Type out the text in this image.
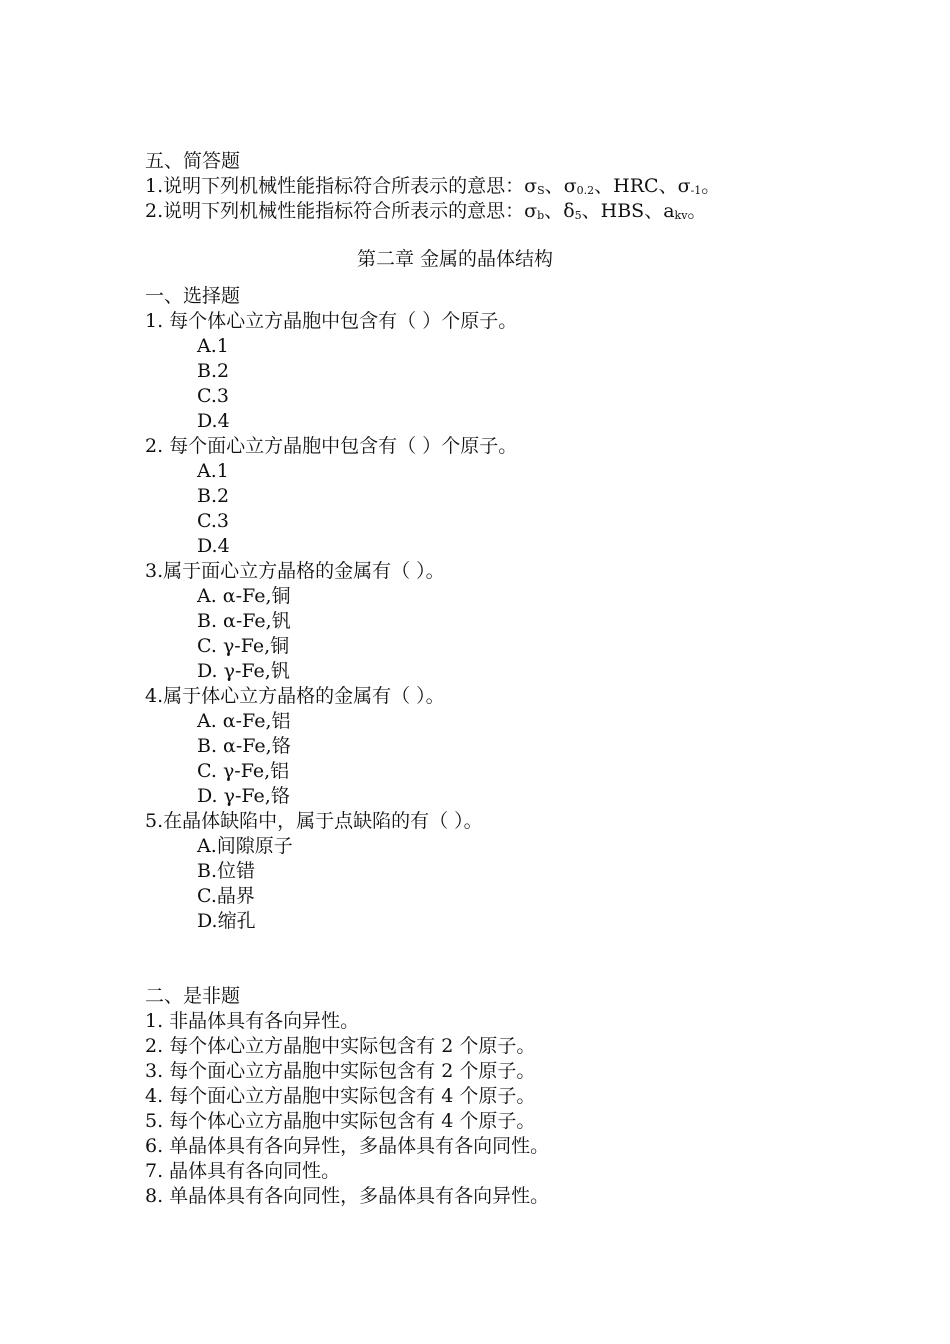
五、简答题
1.说明下列机械性能指标符合所表示的意思：$\sigma_S$、$\sigma_{0.2}$、HRC、$\sigma_{-1}$。
2.说明下列机械性能指标符合所表示的意思：$\sigma_b$、$\delta_5$、HBS、$a_{kv}$。
第二章 金属的晶体结构
一、选择题
1. 每个体心立方晶胞中包含有（ ）个原子。
A.1
B.2
C.3
D.4
2. 每个面心立方晶胞中包含有（ ）个原子。
A.1
B.2
C.3
D.4
3.属于面心立方晶格的金属有（ ）。
A. α-Fe,铜
B. α-Fe,钒
C. γ-Fe,铜
D. γ-Fe,钒
4.属于体心立方晶格的金属有（ ）。
A. α-Fe,铝
B. α-Fe,铬
C. γ-Fe,铝
D. γ-Fe,铬
5.在晶体缺陷中，属于点缺陷的有（ ）。
A.间隙原子
B.位错
C.晶界
D.缩孔
二、是非题
1. 非晶体具有各向异性。
2. 每个体心立方晶胞中实际包含有 2 个原子。
3. 每个面心立方晶胞中实际包含有 2 个原子。
4. 每个面心立方晶胞中实际包含有 4 个原子。
5. 每个体心立方晶胞中实际包含有 4 个原子。
6. 单晶体具有各向异性，多晶体具有各向同性。
7. 晶体具有各向同性。
8. 单晶体具有各向同性，多晶体具有各向异性。
